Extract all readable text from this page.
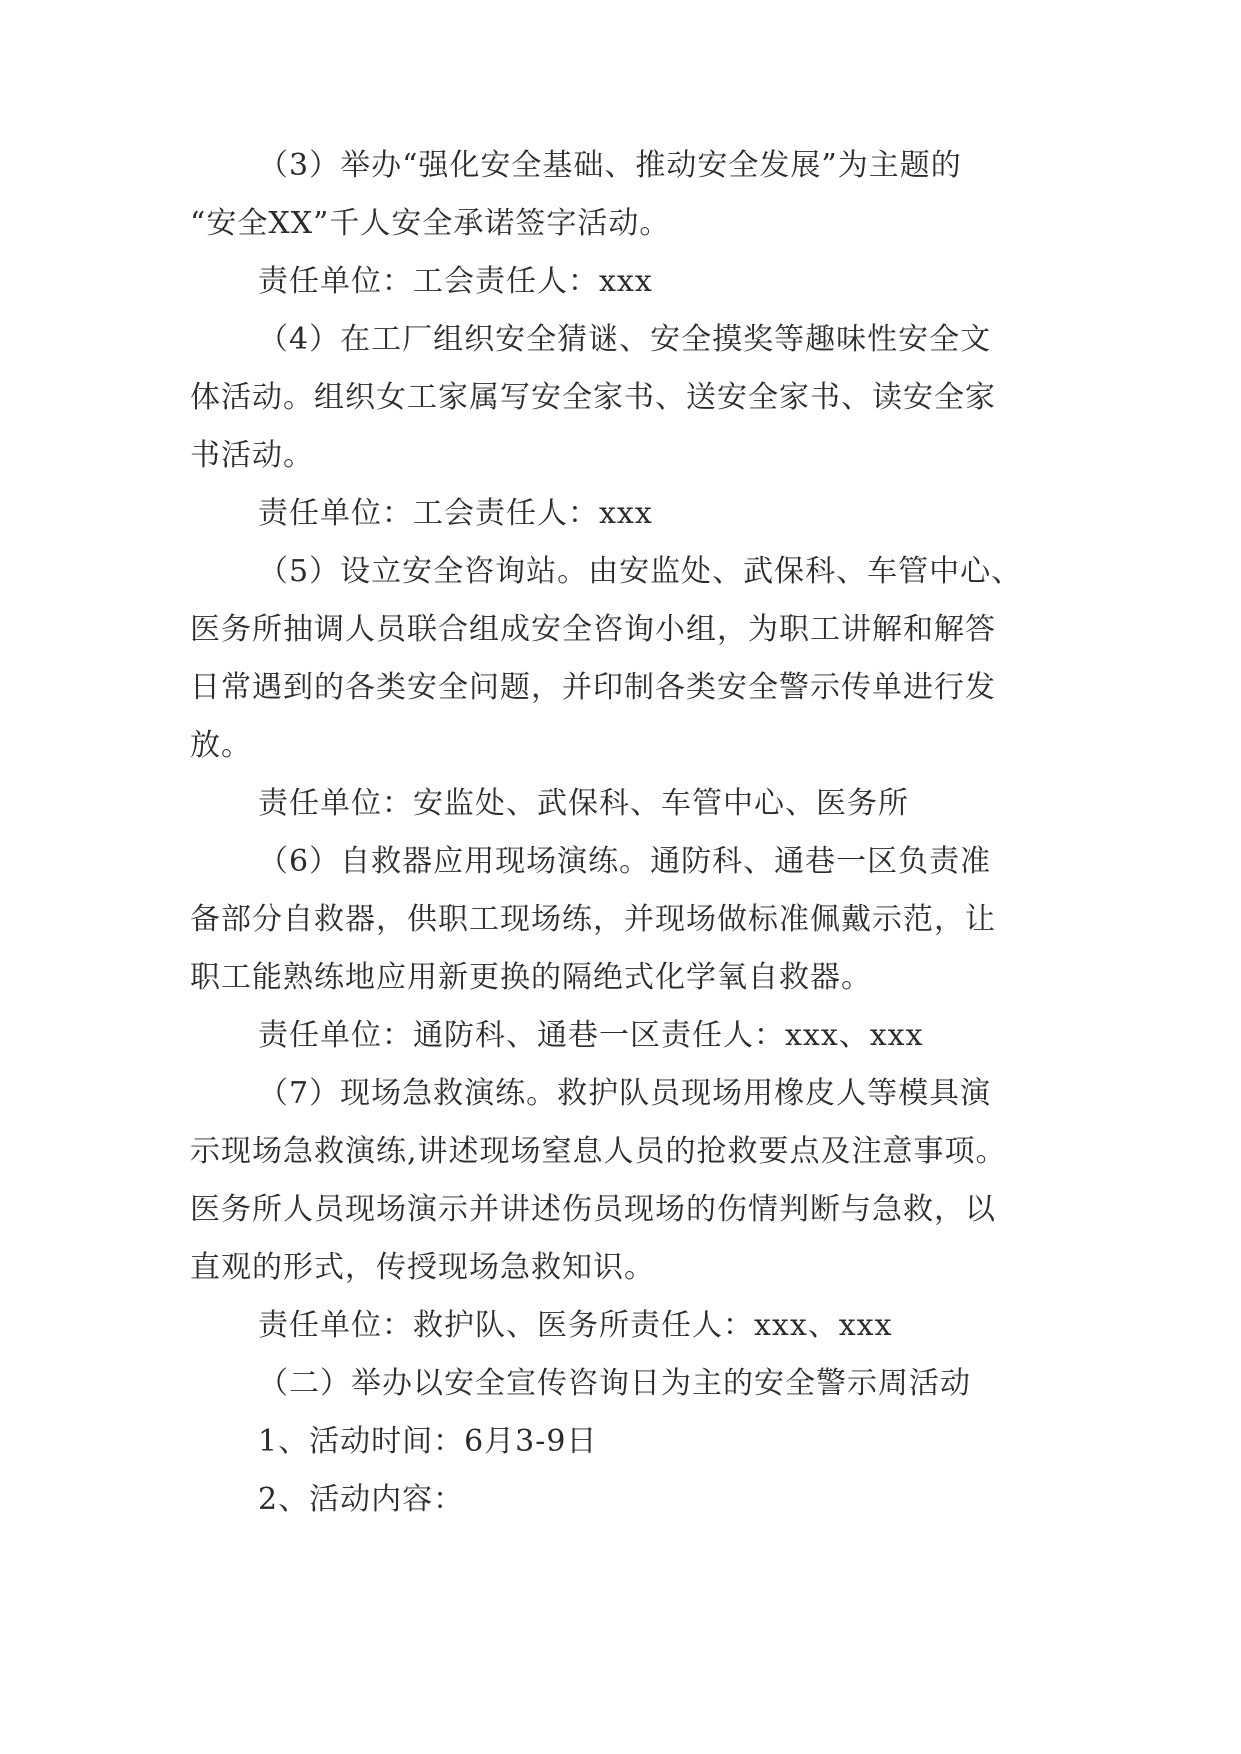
（3）举办“强化安全基础、推动安全发展”为主题的
“安全XX”千人安全承诺签字活动。
责任单位：工会责任人：xxx
（4）在工厂组织安全猜谜、安全摸奖等趣味性安全文
体活动。组织女工家属写安全家书、送安全家书、读安全家
书活动。
责任单位：工会责任人：xxx
（5）设立安全咨询站。由安监处、武保科、车管中心、
医务所抽调人员联合组成安全咨询小组，为职工讲解和解答
日常遇到的各类安全问题，并印制各类安全警示传单进行发
放。
责任单位：安监处、武保科、车管中心、医务所
（6）自救器应用现场演练。通防科、通巷一区负责准
备部分自救器，供职工现场练，并现场做标准佩戴示范，让
职工能熟练地应用新更换的隔绝式化学氧自救器。
责任单位：通防科、通巷一区责任人：xxx、xxx
（7）现场急救演练。救护队员现场用橡皮人等模具演
示现场急救演练,讲述现场窒息人员的抢救要点及注意事项。
医务所人员现场演示并讲述伤员现场的伤情判断与急救，以
直观的形式，传授现场急救知识。
责任单位：救护队、医务所责任人：xxx、xxx
（二）举办以安全宣传咨询日为主的安全警示周活动
1、活动时间：6月3-9日
2、活动内容：
